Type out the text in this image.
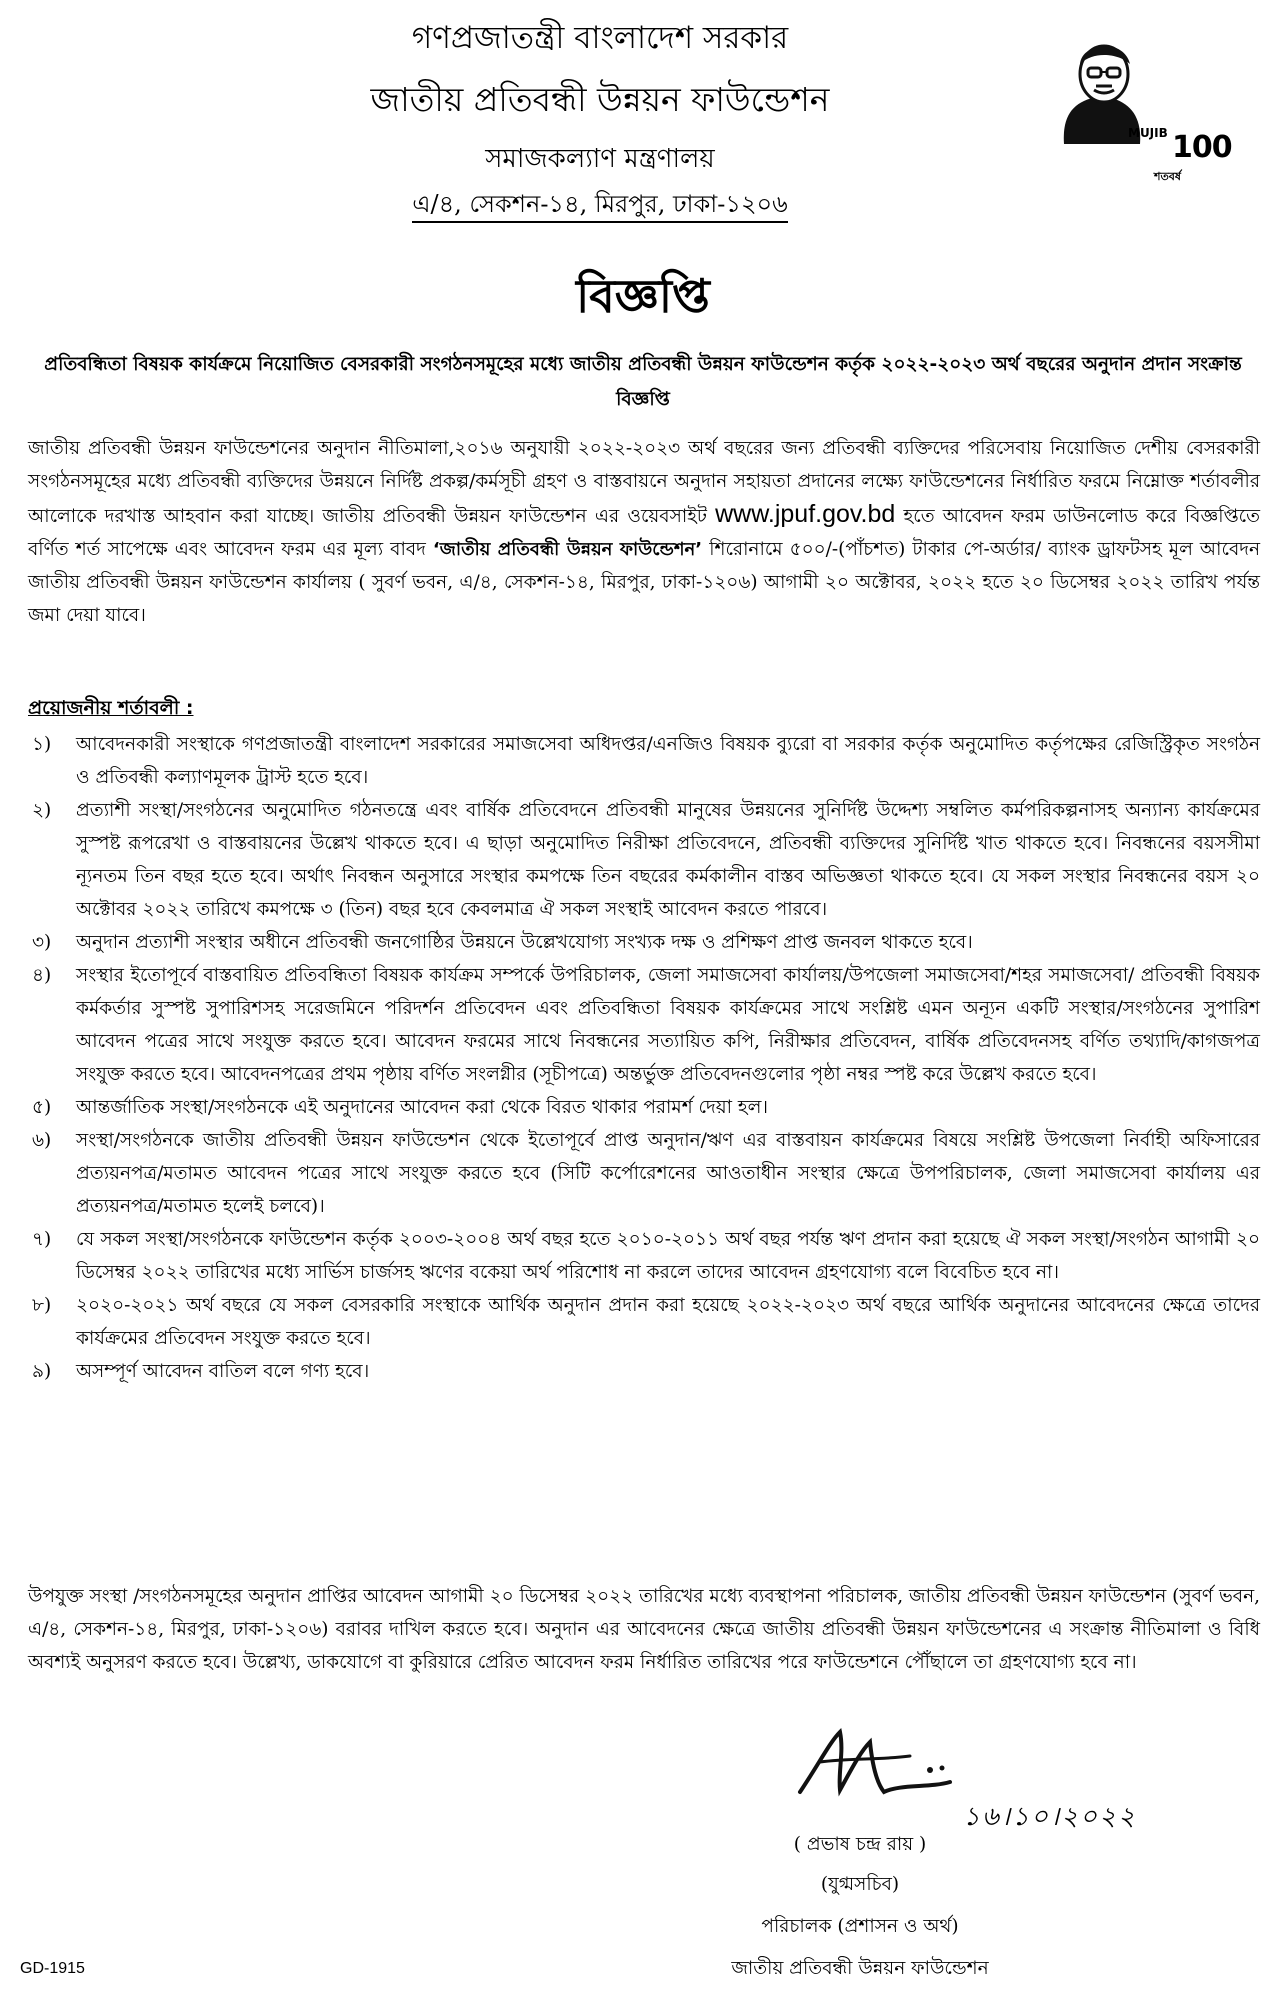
গণপ্রজাতন্ত্রী বাংলাদেশ সরকার
জাতীয় প্রতিবন্ধী উন্নয়ন ফাউন্ডেশন
সমাজকল্যাণ মন্ত্রণালয়
এ/৪, সেকশন-১৪, মিরপুর, ঢাকা-১২০৬
MUJIB 100
শতবর্ষ
বিজ্ঞপ্তি
প্রতিবন্ধিতা বিষয়ক কার্যক্রমে নিয়োজিত বেসরকারী সংগঠনসমূহের মধ্যে জাতীয় প্রতিবন্ধী উন্নয়ন ফাউন্ডেশন কর্তৃক ২০২২-২০২৩ অর্থ বছরের অনুদান প্রদান সংক্রান্ত বিজ্ঞপ্তি
জাতীয় প্রতিবন্ধী উন্নয়ন ফাউন্ডেশনের অনুদান নীতিমালা,২০১৬ অনুযায়ী ২০২২-২০২৩ অর্থ বছরের জন্য প্রতিবন্ধী ব্যক্তিদের পরিসেবায় নিয়োজিত দেশীয় বেসরকারী সংগঠনসমূহের মধ্যে প্রতিবন্ধী ব্যক্তিদের উন্নয়নে নির্দিষ্ট প্রকল্প/কর্মসূচী গ্রহণ ও বাস্তবায়নে অনুদান সহায়তা প্রদানের লক্ষ্যে ফাউন্ডেশনের নির্ধারিত ফরমে নিম্নোক্ত শর্তাবলীর আলোকে দরখাস্ত আহবান করা যাচ্ছে। জাতীয় প্রতিবন্ধী উন্নয়ন ফাউন্ডেশন এর ওয়েবসাইট www.jpuf.gov.bd হতে আবেদন ফরম ডাউনলোড করে বিজ্ঞপ্তিতে বর্ণিত শর্ত সাপেক্ষে এবং আবেদন ফরম এর মূল্য বাবদ ‘জাতীয় প্রতিবন্ধী উন্নয়ন ফাউন্ডেশন’ শিরোনামে ৫০০/-(পাঁচশত) টাকার পে-অর্ডার/ ব্যাংক ড্রাফটসহ মূল আবেদন জাতীয় প্রতিবন্ধী উন্নয়ন ফাউন্ডেশন কার্যালয় ( সুবর্ণ ভবন, এ/৪, সেকশন-১৪, মিরপুর, ঢাকা-১২০৬) আগামী ২০ অক্টোবর, ২০২২ হতে ২০ ডিসেম্বর ২০২২ তারিখ পর্যন্ত জমা দেয়া যাবে।
প্রয়োজনীয় শর্তাবলী :
১)	আবেদনকারী সংস্থাকে গণপ্রজাতন্ত্রী বাংলাদেশ সরকারের সমাজসেবা অধিদপ্তর/এনজিও বিষয়ক ব্যুরো বা সরকার কর্তৃক অনুমোদিত কর্তৃপক্ষের রেজিস্ট্রিকৃত সংগঠন ও প্রতিবন্ধী কল্যাণমূলক ট্রাস্ট হতে হবে।
২)	প্রত্যাশী সংস্থা/সংগঠনের অনুমোদিত গঠনতন্ত্রে এবং বার্ষিক প্রতিবেদনে প্রতিবন্ধী মানুষের উন্নয়নের সুনির্দিষ্ট উদ্দেশ্য সম্বলিত কর্মপরিকল্পনাসহ অন্যান্য কার্যক্রমের সুস্পষ্ট রূপরেখা ও বাস্তবায়নের উল্লেখ থাকতে হবে। এ ছাড়া অনুমোদিত নিরীক্ষা প্রতিবেদনে, প্রতিবন্ধী ব্যক্তিদের সুনির্দিষ্ট খাত থাকতে হবে। নিবন্ধনের বয়সসীমা ন্যূনতম তিন বছর হতে হবে। অর্থাৎ নিবন্ধন অনুসারে সংস্থার কমপক্ষে তিন বছরের কর্মকালীন বাস্তব অভিজ্ঞতা থাকতে হবে। যে সকল সংস্থার নিবন্ধনের বয়স ২০ অক্টোবর ২০২২ তারিখে কমপক্ষে ৩ (তিন) বছর হবে কেবলমাত্র ঐ সকল সংস্থাই আবেদন করতে পারবে।
৩)	অনুদান প্রত্যাশী সংস্থার অধীনে প্রতিবন্ধী জনগোষ্ঠির উন্নয়নে উল্লেখযোগ্য সংখ্যক দক্ষ ও প্রশিক্ষণ প্রাপ্ত জনবল থাকতে হবে।
৪)	সংস্থার ইতোপূর্বে বাস্তবায়িত প্রতিবন্ধিতা বিষয়ক কার্যক্রম সম্পর্কে উপরিচালক, জেলা সমাজসেবা কার্যালয়/উপজেলা সমাজসেবা/শহর সমাজসেবা/ প্রতিবন্ধী বিষয়ক কর্মকর্তার সুস্পষ্ট সুপারিশসহ সরেজমিনে পরিদর্শন প্রতিবেদন এবং প্রতিবন্ধিতা বিষয়ক কার্যক্রমের সাথে সংশ্লিষ্ট এমন অন্যূন একটি সংস্থার/সংগঠনের সুপারিশ আবেদন পত্রের সাথে সংযুক্ত করতে হবে। আবেদন ফরমের সাথে নিবন্ধনের সত্যায়িত কপি, নিরীক্ষার প্রতিবেদন, বার্ষিক প্রতিবেদনসহ বর্ণিত তথ্যাদি/কাগজপত্র সংযুক্ত করতে হবে। আবেদনপত্রের প্রথম পৃষ্ঠায় বর্ণিত সংলগ্নীর (সূচীপত্রে) অন্তর্ভুক্ত প্রতিবেদনগুলোর পৃষ্ঠা নম্বর স্পষ্ট করে উল্লেখ করতে হবে।
৫)	আন্তর্জাতিক সংস্থা/সংগঠনকে এই অনুদানের আবেদন করা থেকে বিরত থাকার পরামর্শ দেয়া হল।
৬)	সংস্থা/সংগঠনকে জাতীয় প্রতিবন্ধী উন্নয়ন ফাউন্ডেশন থেকে ইতোপূর্বে প্রাপ্ত অনুদান/ঋণ এর বাস্তবায়ন কার্যক্রমের বিষয়ে সংশ্লিষ্ট উপজেলা নির্বাহী অফিসারের প্রত্যয়নপত্র/মতামত আবেদন পত্রের সাথে সংযুক্ত করতে হবে (সিটি কর্পোরেশনের আওতাধীন সংস্থার ক্ষেত্রে উপপরিচালক, জেলা সমাজসেবা কার্যালয় এর প্রত্যয়নপত্র/মতামত হলেই চলবে)।
৭)	যে সকল সংস্থা/সংগঠনকে ফাউন্ডেশন কর্তৃক ২০০৩-২০০৪ অর্থ বছর হতে ২০১০-২০১১ অর্থ বছর পর্যন্ত ঋণ প্রদান করা হয়েছে ঐ সকল সংস্থা/সংগঠন আগামী ২০ ডিসেম্বর ২০২২ তারিখের মধ্যে সার্ভিস চার্জসহ ঋণের বকেয়া অর্থ পরিশোধ না করলে তাদের আবেদন গ্রহণযোগ্য বলে বিবেচিত হবে না।
৮)	২০২০-২০২১ অর্থ বছরে যে সকল বেসরকারি সংস্থাকে আর্থিক অনুদান প্রদান করা হয়েছে ২০২২-২০২৩ অর্থ বছরে আর্থিক অনুদানের আবেদনের ক্ষেত্রে তাদের কার্যক্রমের প্রতিবেদন সংযুক্ত করতে হবে।
৯)	অসম্পূর্ণ আবেদন বাতিল বলে গণ্য হবে।
উপযুক্ত সংস্থা /সংগঠনসমূহের অনুদান প্রাপ্তির আবেদন আগামী ২০ ডিসেম্বর ২০২২ তারিখের মধ্যে ব্যবস্থাপনা পরিচালক, জাতীয় প্রতিবন্ধী উন্নয়ন ফাউন্ডেশন (সুবর্ণ ভবন, এ/৪, সেকশন-১৪, মিরপুর, ঢাকা-১২০৬) বরাবর দাখিল করতে হবে। অনুদান এর আবেদনের ক্ষেত্রে জাতীয় প্রতিবন্ধী উন্নয়ন ফাউন্ডেশনের এ সংক্রান্ত নীতিমালা ও বিধি অবশ্যই অনুসরণ করতে হবে। উল্লেখ্য, ডাকযোগে বা কুরিয়ারে প্রেরিত আবেদন ফরম নির্ধারিত তারিখের পরে ফাউন্ডেশনে পৌঁছালে তা গ্রহণযোগ্য হবে না।
১৬।১০।২০২২
( প্রভাষ চন্দ্র রায় )
(যুগ্মসচিব)
পরিচালক (প্রশাসন ও অর্থ)
জাতীয় প্রতিবন্ধী উন্নয়ন ফাউন্ডেশন
GD-1915
